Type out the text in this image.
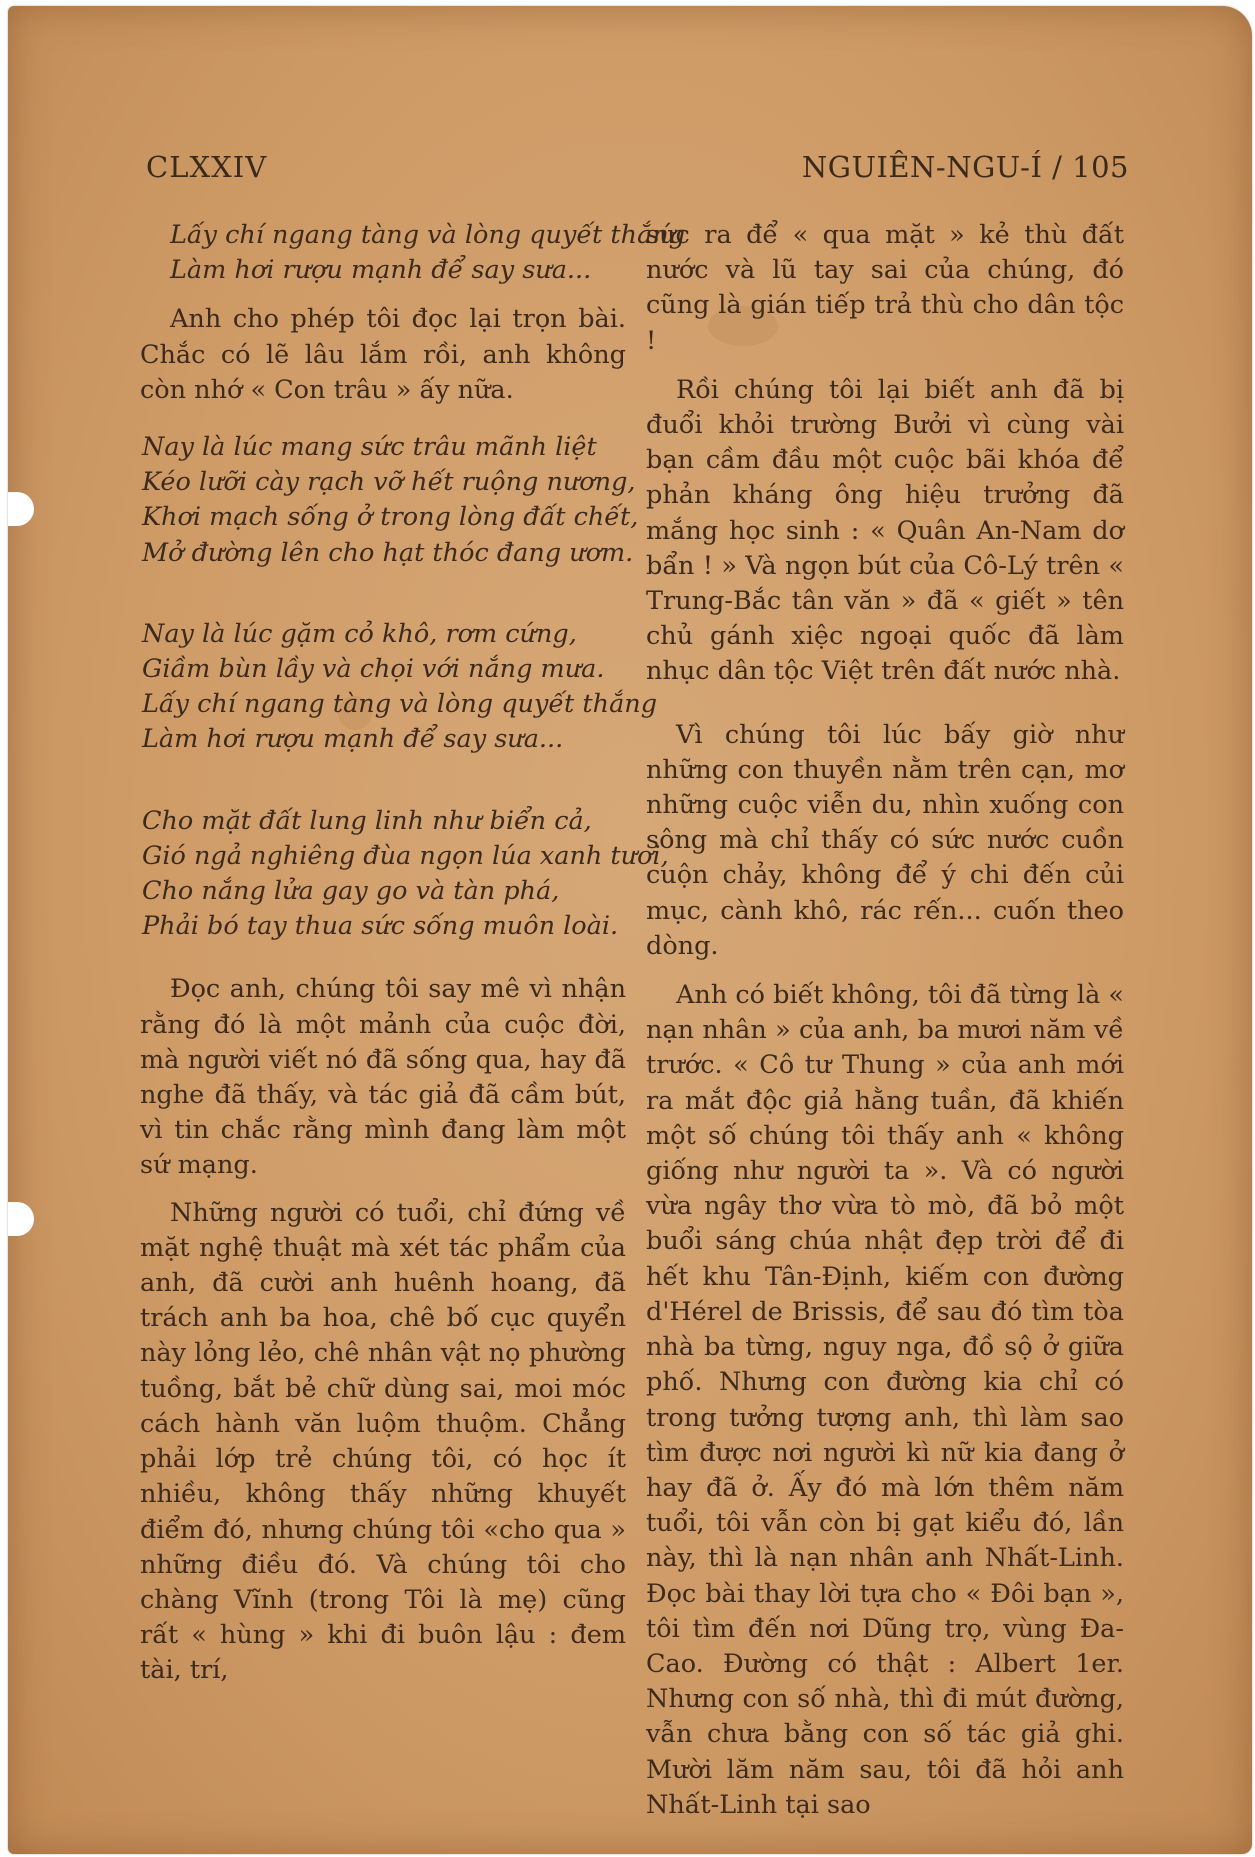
CLXXIV	NGUIÊN-NGU-Í / 105
Lấy chí ngang tàng và lòng quyết thắng
Làm hơi rượu mạnh để say sưa...

Anh cho phép tôi đọc lại trọn bài. Chắc có lẽ lâu lắm rồi, anh không còn nhớ « Con trâu » ấy nữa.

Nay là lúc mang sức trâu mãnh liệt
Kéo lưỡi cày rạch vỡ hết ruộng nương,
Khơi mạch sống ở trong lòng đất chết,
Mở đường lên cho hạt thóc đang ươm.
Nay là lúc gặm cỏ khô, rơm cứng,
Giầm bùn lầy và chọi với nắng mưa.
Lấy chí ngang tàng và lòng quyết thắng
Làm hơi rượu mạnh để say sưa...
Cho mặt đất lung linh như biển cả,
Gió ngả nghiêng đùa ngọn lúa xanh tươi,
Cho nắng lửa gay go và tàn phá,
Phải bó tay thua sức sống muôn loài.

Đọc anh, chúng tôi say mê vì nhận rằng đó là một mảnh của cuộc đời, mà người viết nó đã sống qua, hay đã nghe đã thấy, và tác giả đã cầm bút, vì tin chắc rằng mình đang làm một sứ mạng.

Những người có tuổi, chỉ đứng về mặt nghệ thuật mà xét tác phẩm của anh, đã cười anh huênh hoang, đã trách anh ba hoa, chê bố cục quyển này lỏng lẻo, chê nhân vật nọ phường tuồng, bắt bẻ chữ dùng sai, moi móc cách hành văn luộm thuộm. Chẳng phải lớp trẻ chúng tôi, có học ít nhiều, không thấy những khuyết điểm đó, nhưng chúng tôi «cho qua » những điều đó. Và chúng tôi cho chàng Vĩnh (trong Tôi là mẹ) cũng rất « hùng » khi đi buôn lậu : đem tài, trí,

sức ra để « qua mặt » kẻ thù đất nước và lũ tay sai của chúng, đó cũng là gián tiếp trả thù cho dân tộc !

Rồi chúng tôi lại biết anh đã bị đuổi khỏi trường Bưởi vì cùng vài bạn cầm đầu một cuộc bãi khóa để phản kháng ông hiệu trưởng đã mắng học sinh : « Quân An-Nam dơ bẩn ! » Và ngọn bút của Cô-Lý trên « Trung-Bắc tân văn » đã « giết » tên chủ gánh xiệc ngoại quốc đã làm nhục dân tộc Việt trên đất nước nhà.

Vì chúng tôi lúc bấy giờ như những con thuyền nằm trên cạn, mơ những cuộc viễn du, nhìn xuống con sông mà chỉ thấy có sức nước cuồn cuộn chảy, không để ý chi đến củi mục, cành khô, rác rến... cuốn theo dòng.

Anh có biết không, tôi đã từng là « nạn nhân » của anh, ba mươi năm về trước. « Cô tư Thung » của anh mới ra mắt độc giả hằng tuần, đã khiến một số chúng tôi thấy anh « không giống như người ta ». Và có người vừa ngây thơ vừa tò mò, đã bỏ một buổi sáng chúa nhật đẹp trời để đi hết khu Tân-Định, kiếm con đường d'Hérel de Brissis, để sau đó tìm tòa nhà ba từng, nguy nga, đồ sộ ở giữa phố. Nhưng con đường kia chỉ có trong tưởng tượng anh, thì làm sao tìm được nơi người kì nữ kia đang ở hay đã ở. Ấy đó mà lớn thêm năm tuổi, tôi vẫn còn bị gạt kiểu đó, lần này, thì là nạn nhân anh Nhất-Linh. Đọc bài thay lời tựa cho « Đôi bạn », tôi tìm đến nơi Dũng trọ, vùng Đa-Cao. Đường có thật : Albert 1er. Nhưng con số nhà, thì đi mút đường, vẫn chưa bằng con số tác giả ghi. Mười lăm năm sau, tôi đã hỏi anh Nhất-Linh tại sao
